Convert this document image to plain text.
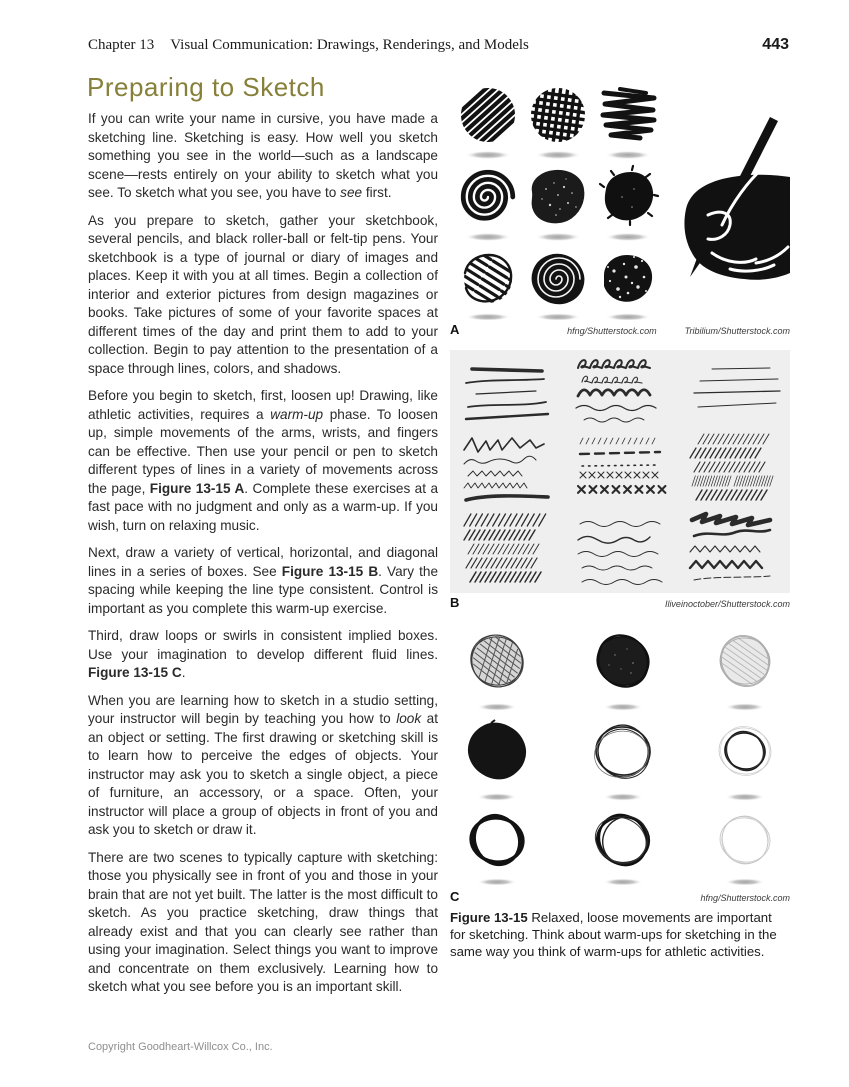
Chapter 13 Visual Communication: Drawings, Renderings, and Models	443
Preparing to Sketch

If you can write your name in cursive, you have made a sketching line. Sketching is easy. How well you sketch something you see in the world—such as a landscape scene—rests entirely on your ability to sketch what you see. To sketch what you see, you have to see first.

As you prepare to sketch, gather your sketchbook, several pencils, and black roller-ball or felt-tip pens. Your sketchbook is a type of journal or diary of images and places. Keep it with you at all times. Begin a collection of interior and exterior pictures from design magazines or books. Take pictures of some of your favorite spaces at different times of the day and print them to add to your collection. Begin to pay attention to the presentation of a space through lines, colors, and shadows.

Before you begin to sketch, first, loosen up! Drawing, like athletic activities, requires a warm-up phase. To loosen up, simple movements of the arms, wrists, and fingers can be effective. Then use your pencil or pen to sketch different types of lines in a variety of movements across the page, Figure 13-15 A. Complete these exercises at a fast pace with no judgment and only as a warm-up. If you wish, turn on relaxing music.

Next, draw a variety of vertical, horizontal, and diagonal lines in a series of boxes. See Figure 13-15 B. Vary the spacing while keeping the line type consistent. Control is important as you complete this warm-up exercise.

Third, draw loops or swirls in consistent implied boxes. Use your imagination to develop different fluid lines. Figure 13-15 C.

When you are learning how to sketch in a studio setting, your instructor will begin by teaching you how to look at an object or setting. The first drawing or sketching skill is to learn how to perceive the edges of objects. Your instructor may ask you to sketch a single object, a piece of furniture, an accessory, or a space. Often, your instructor will place a group of objects in front of you and ask you to sketch or draw it.

There are two scenes to typically capture with sketching: those you physically see in front of you and those in your brain that are not yet built. The latter is the most difficult to sketch. As you practice sketching, draw things that already exist and that you can clearly see rather than using your imagination. Select things you want to improve and concentrate on them exclusively. Learning how to sketch what you see before you is an important skill.

A	hfng/Shutterstock.com	Tribilium/Shutterstock.com
B	Iliveinoctober/Shutterstock.com
C	hfng/Shutterstock.com

Figure 13-15 Relaxed, loose movements are important for sketching. Think about warm-ups for sketching in the same way you think of warm-ups for athletic activities.

Copyright Goodheart-Willcox Co., Inc.
